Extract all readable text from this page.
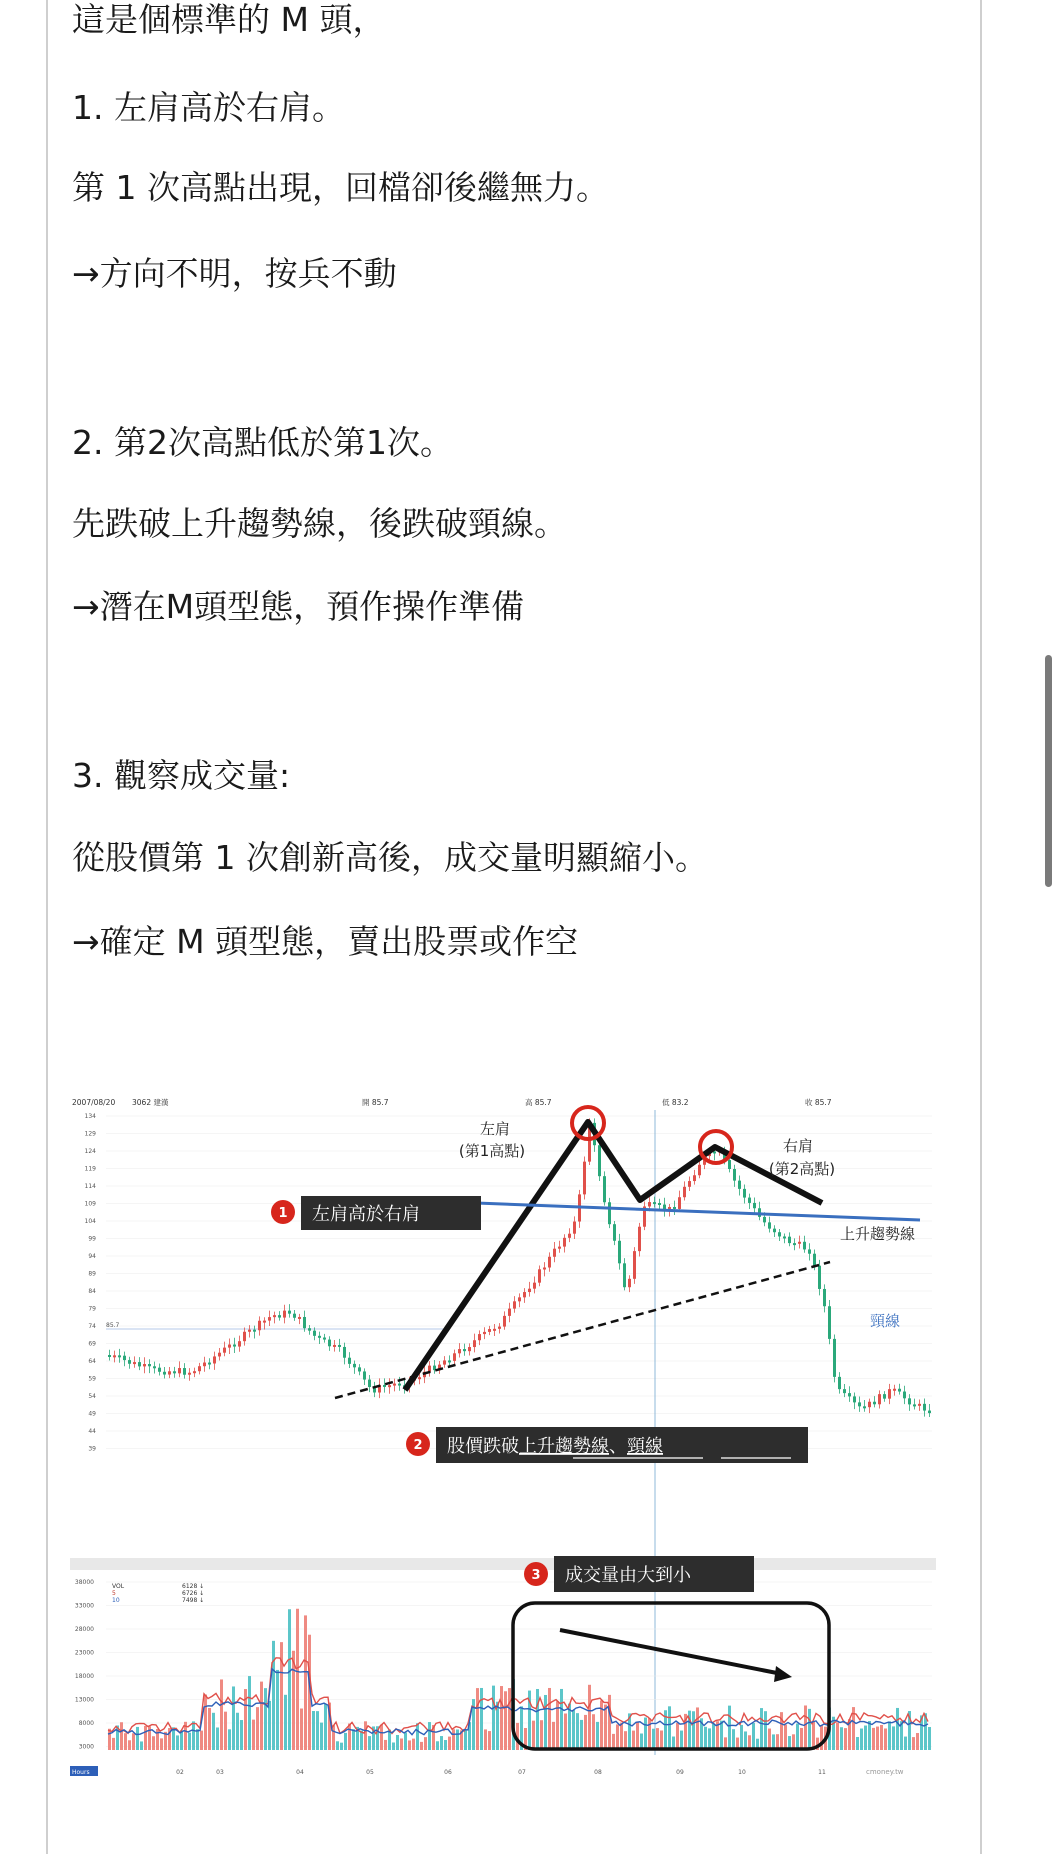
這是個標準的 M 頭，
1. 左肩高於右肩。
第 1 次高點出現，回檔卻後繼無力。
→方向不明，按兵不動
2. 第2次高點低於第1次。
先跌破上升趨勢線，後跌破頸線。
→潛在M頭型態，預作操作準備
3. 觀察成交量:
從股價第 1 次創新高後，成交量明顯縮小。
→確定 M 頭型態，賣出股票或作空
2007/08/20 3062 建漢	開 85.7	高 85.7	低 83.2	收 85.7
134
129
124
119
114
109
104
99
94
89
84
79
74
69
64
59
54
49
44
39
85.7
左肩
(第1高點)	右肩
(第2高點)
上升趨勢線
頸線
1 左肩高於右肩
2 股價跌破上升趨勢線、頸線
38000
33000
28000
23000
18000
13000
8000
3000
VOL
5
10
6128 ↓
6726 ↓
7498 ↓
3 成交量由大到小
02	03	04	05	06	07	08	09	10	11
Hours	cmoney.tw
